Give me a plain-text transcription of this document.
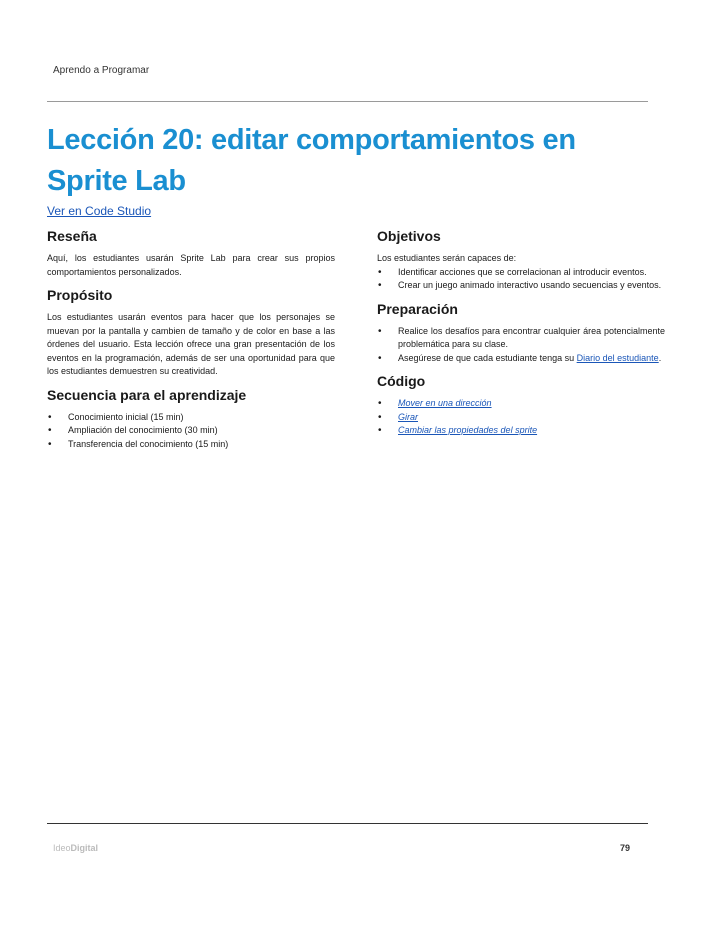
Aprendo a Programar
Lección 20: editar comportamientos en Sprite Lab
Ver en Code Studio
Reseña

Aquí, los estudiantes usarán Sprite Lab para crear sus propios comportamientos personalizados.

Propósito

Los estudiantes usarán eventos para hacer que los personajes se muevan por la pantalla y cambien de tamaño y de color en base a las órdenes del usuario. Esta lección ofrece una gran presentación de los eventos en la programación, además de ser una oportunidad para que los estudiantes demuestren su creatividad.

Secuencia para el aprendizaje
• Conocimiento inicial (15 min)
• Ampliación del conocimiento (30 min)
• Transferencia del conocimiento (15 min)
Objetivos

Los estudiantes serán capaces de:

• Identificar acciones que se correlacionan al introducir eventos.
• Crear un juego animado interactivo usando secuencias y eventos.
Preparación
• Realice los desafíos para encontrar cualquier área potencialmente problemática para su clase.
• Asegúrese de que cada estudiante tenga su Diario del estudiante.
Código
• Mover en una dirección
• Girar
• Cambiar las propiedades del sprite
IdeoDigital	79
